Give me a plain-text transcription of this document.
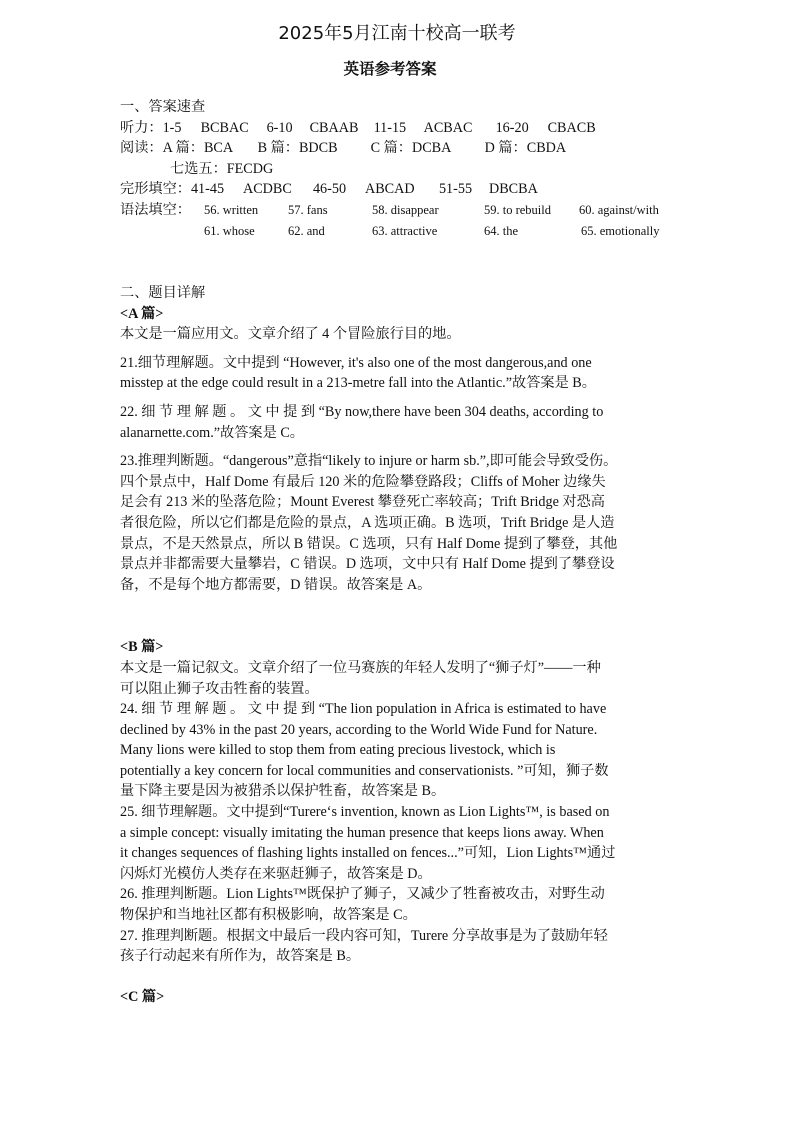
2025年5月江南十校高一联考
英语参考答案
一、答案速查
听力： 1-5	BCBAC	6-10	CBAAB	11-15	ACBAC	16-20	CBACB
阅读： A 篇：BCA	B 篇：BDCB	C 篇：DCBA	D 篇：CBDA
七选五：FECDG
完形填空： 41-45	ACDBC	46-50	ABCAD	51-55	DBCBA
语法填空：	56. written	57. fans	58. disappear	59. to rebuild	60. against/with
61. whose	62. and	63. attractive	64. the	65. emotionally
二、题目详解
<A 篇>
本文是一篇应用文。文章介绍了 4 个冒险旅行目的地。
21.细节理解题。文中提到 “However, it's also one of the most dangerous,and one
misstep at the edge could result in a 213-metre fall into the Atlantic.”故答案是 B。
22. 细 节 理 解 题 。 文 中 提 到 “By now,there have been 304 deaths, according to
alanarnette.com.”故答案是 C。
23.推理判断题。“dangerous”意指“likely to injure or harm sb.”,即可能会导致受伤。
四个景点中，Half Dome 有最后 120 米的危险攀登路段；Cliffs of Moher 边缘失
足会有 213 米的坠落危险；Mount Everest 攀登死亡率较高；Trift Bridge 对恐高
者很危险，所以它们都是危险的景点，A 选项正确。B 选项，Trift Bridge 是人造
景点，不是天然景点，所以 B 错误。C 选项，只有 Half Dome 提到了攀登，其他
景点并非都需要大量攀岩，C 错误。D 选项，文中只有 Half Dome 提到了攀登设
备，不是每个地方都需要，D 错误。故答案是 A。
<B 篇>
本文是一篇记叙文。文章介绍了一位马赛族的年轻人发明了“狮子灯”——一种
可以阻止狮子攻击牲畜的装置。
24. 细 节 理 解 题 。 文 中 提 到 “The lion population in Africa is estimated to have
declined by 43% in the past 20 years, according to the World Wide Fund for Nature.
Many lions were killed to stop them from eating precious livestock, which is
potentially a key concern for local communities and conservationists. ”可知，狮子数
量下降主要是因为被猎杀以保护牲畜，故答案是 B。
25. 细节理解题。文中提到“Turere‘s invention, known as Lion Lights™, is based on
a simple concept: visually imitating the human presence that keeps lions away. When
it changes sequences of flashing lights installed on fences...”可知，Lion Lights™通过
闪烁灯光模仿人类存在来驱赶狮子，故答案是 D。
26. 推理判断题。Lion Lights™既保护了狮子，又减少了牲畜被攻击，对野生动
物保护和当地社区都有积极影响，故答案是 C。
27. 推理判断题。根据文中最后一段内容可知，Turere 分享故事是为了鼓励年轻
孩子行动起来有所作为，故答案是 B。
<C 篇>
